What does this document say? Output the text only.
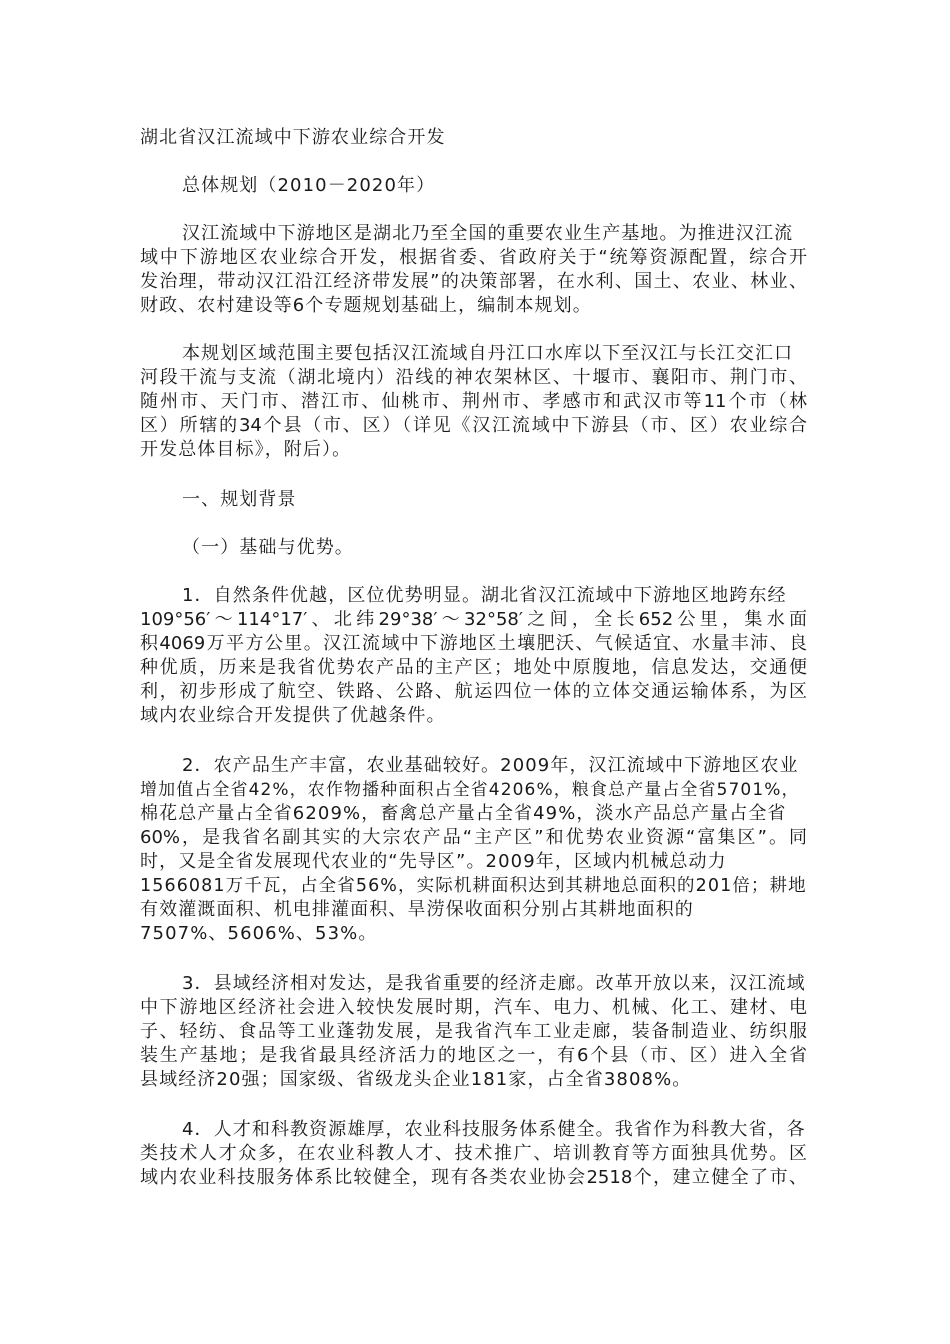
湖北省汉江流域中下游农业综合开发
总体规划（2010－2020年）
汉江流域中下游地区是湖北乃至全国的重要农业生产基地。为推进汉江流
域中下游地区农业综合开发，根据省委、省政府关于“统筹资源配置，综合开
发治理，带动汉江沿江经济带发展”的决策部署，在水利、国土、农业、林业、
财政、农村建设等6个专题规划基础上，编制本规划。
本规划区域范围主要包括汉江流域自丹江口水库以下至汉江与长江交汇口
河段干流与支流（湖北境内）沿线的神农架林区、十堰市、襄阳市、荆门市、
随州市、天门市、潜江市、仙桃市、荆州市、孝感市和武汉市等11个市（林
区）所辖的34个县（市、区）（详见《汉江流域中下游县（市、区）农业综合
开发总体目标》，附后）。
一、规划背景
（一）基础与优势。
1．自然条件优越，区位优势明显。湖北省汉江流域中下游地区地跨东经
109°56′～114°17′、北纬29°38′～32°58′之间，全长652公里，集水面
积4069万平方公里。汉江流域中下游地区土壤肥沃、气候适宜、水量丰沛、良
种优质，历来是我省优势农产品的主产区；地处中原腹地，信息发达，交通便
利，初步形成了航空、铁路、公路、航运四位一体的立体交通运输体系，为区
域内农业综合开发提供了优越条件。
2．农产品生产丰富，农业基础较好。2009年，汉江流域中下游地区农业
增加值占全省42%，农作物播种面积占全省4206%，粮食总产量占全省5701%，
棉花总产量占全省6209%，畜禽总产量占全省49%，淡水产品总产量占全省
60%，是我省名副其实的大宗农产品“主产区”和优势农业资源“富集区”。同
时，又是全省发展现代农业的“先导区”。2009年，区域内机械总动力
1566081万千瓦，占全省56%，实际机耕面积达到其耕地总面积的201倍；耕地
有效灌溉面积、机电排灌面积、旱涝保收面积分别占其耕地面积的
7507%、5606%、53%。
3．县域经济相对发达，是我省重要的经济走廊。改革开放以来，汉江流域
中下游地区经济社会进入较快发展时期，汽车、电力、机械、化工、建材、电
子、轻纺、食品等工业蓬勃发展，是我省汽车工业走廊，装备制造业、纺织服
装生产基地；是我省最具经济活力的地区之一，有6个县（市、区）进入全省
县域经济20强；国家级、省级龙头企业181家，占全省3808%。
4．人才和科教资源雄厚，农业科技服务体系健全。我省作为科教大省，各
类技术人才众多，在农业科教人才、技术推广、培训教育等方面独具优势。区
域内农业科技服务体系比较健全，现有各类农业协会2518个，建立健全了市、
